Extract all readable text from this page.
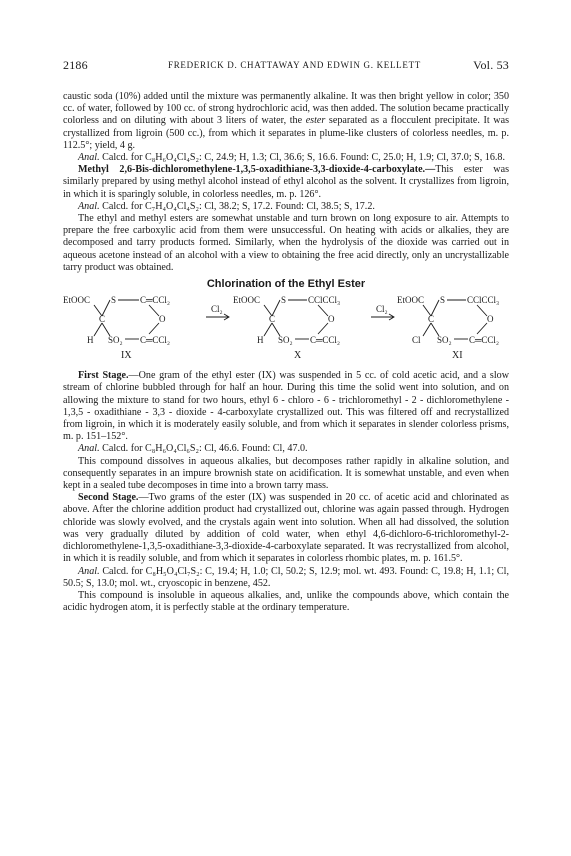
2186	FREDERICK D. CHATTAWAY AND EDWIN G. KELLETT	Vol. 53

caustic soda (10%) added until the mixture was permanently alkaline. It was then bright yellow in color; 350 cc. of water, followed by 100 cc. of strong hydrochloric acid, was then added. The solution became practically colorless and on diluting with about 3 liters of water, the ester separated as a flocculent precipitate. It was crystallized from ligroin (500 cc.), from which it separates in plume-like clusters of colorless needles, m. p. 112.5°; yield, 4 g.

Anal. Calcd. for C₈H₆O₄Cl₄S₂: C, 24.9; H, 1.3; Cl, 36.6; S, 16.6. Found: C, 25.0; H, 1.9; Cl, 37.0; S, 16.8.

Methyl 2,6-Bis-dichloromethylene-1,3,5-oxadithiane-3,3-dioxide-4-carboxylate.—This ester was similarly prepared by using methyl alcohol instead of ethyl alcohol as the solvent. It crystallizes from ligroin, in which it is sparingly soluble, in colorless needles, m. p. 126°.

Anal. Calcd. for C₇H₄O₄Cl₄S₂: Cl, 38.2; S, 17.2. Found: Cl, 38.5; S, 17.2.

The ethyl and methyl esters are somewhat unstable and turn brown on long exposure to air. Attempts to prepare the free carboxylic acid from them were unsuccessful. On heating with acids or alkalies, they are decomposed and tarry products formed. Similarly, when the hydrolysis of the dioxide was carried out in aqueous acetone instead of an alcohol with a view to obtaining the free acid directly, only an uncrystallizable tarry product was obtained.

Chlorination of the Ethyl Ester
EtOOC S	C═CCl₂
C	O
H SO₂ C═CCl₂
IX
Cl₂
EtOOC S CClCCl₃
C	O
H SO₂ C═CCl₂
X
Cl₂
EtOOC S CClCCl₃
C	O
Cl SO₂ C═CCl₂
XI

First Stage.—One gram of the ethyl ester (IX) was suspended in 5 cc. of cold acetic acid, and a slow stream of chlorine bubbled through for half an hour. During this time the solid went into solution, and on allowing the mixture to stand for two hours, ethyl 6 - chloro - 6 - trichloromethyl - 2 - dichloromethylene - 1,3,5 - oxadithiane - 3,3 - dioxide - 4-carboxylate crystallized out. This was filtered off and recrystallized from ligroin, in which it is moderately easily soluble, and from which it separates in slender colorless prisms, m. p. 151–152°.

Anal. Calcd. for C₈H₆O₄Cl₆S₂: Cl, 46.6. Found: Cl, 47.0.

This compound dissolves in aqueous alkalies, but decomposes rather rapidly in alkaline solution, and consequently separates in an impure brownish state on acidification. It is somewhat unstable, and even when kept in a sealed tube decomposes in time into a brown tarry mass.

Second Stage.—Two grams of the ester (IX) was suspended in 20 cc. of acetic acid and chlorinated as above. After the chlorine addition product had crystallized out, chlorine was again passed through. Hydrogen chloride was slowly evolved, and the crystals again went into solution. When all had dissolved, the solution was very gradually diluted by addition of cold water, when ethyl 4,6-dichloro-6-trichloromethyl-2-dichloromethylene-1,3,5-oxadithiane-3,3-dioxide-4-carboxylate separated. It was recrystallized from alcohol, in which it is readily soluble, and from which it separates in colorless rhombic plates, m. p. 161.5°.

Anal. Calcd. for C₈H₅O₄Cl₇S₂: C, 19.4; H, 1.0; Cl, 50.2; S, 12.9; mol. wt. 493. Found: C, 19.8; H, 1.1; Cl, 50.5; S, 13.0; mol. wt., cryoscopic in benzene, 452.

This compound is insoluble in aqueous alkalies, and, unlike the compounds above, which contain the acidic hydrogen atom, it is perfectly stable at the ordinary temperature.
